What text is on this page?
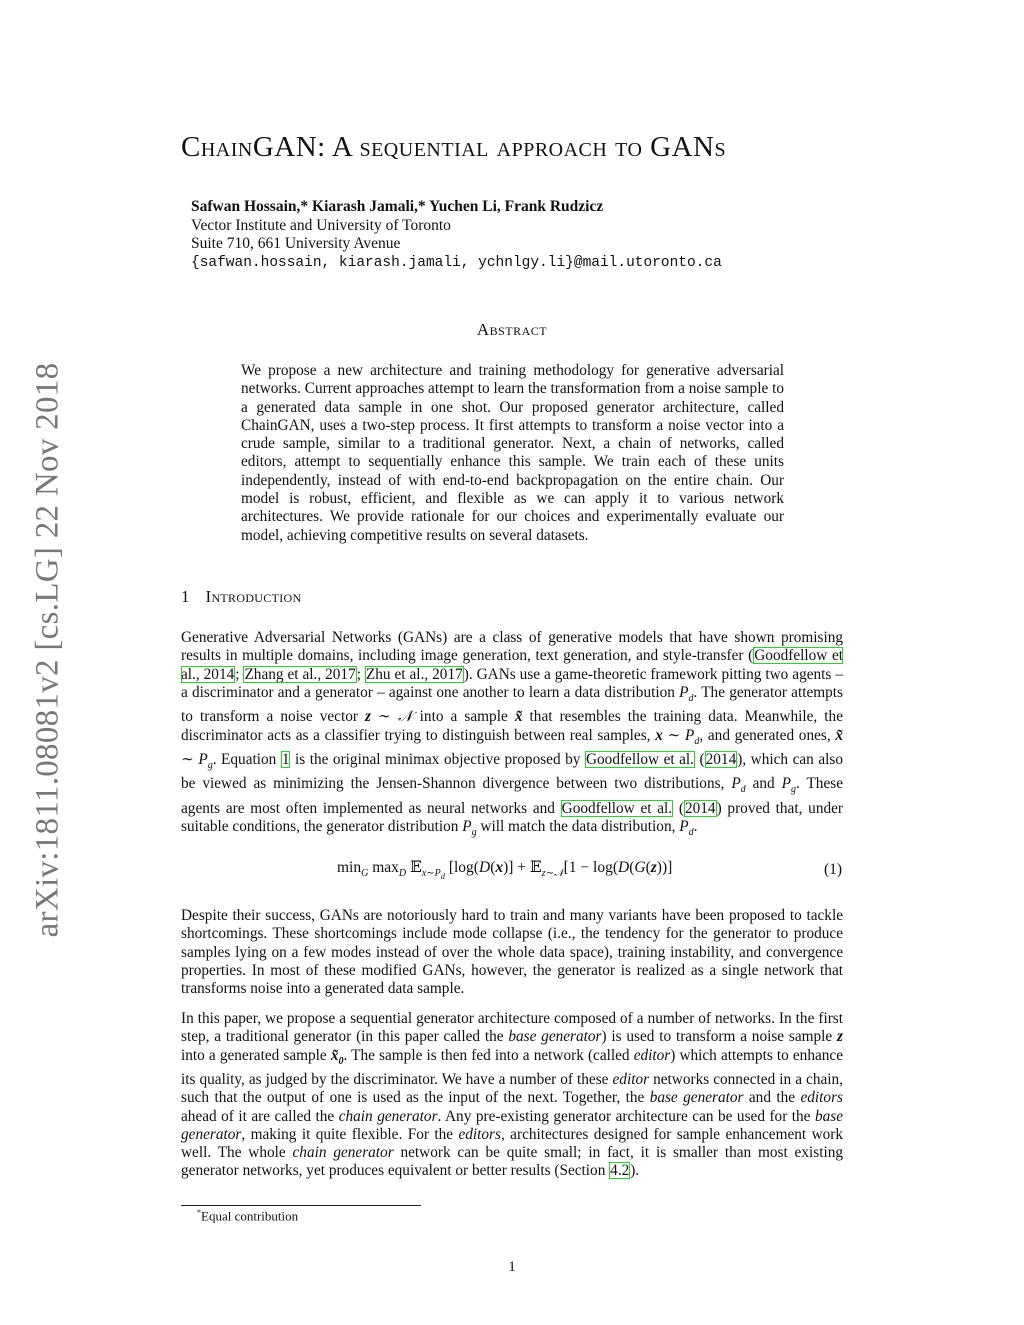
arXiv:1811.08081v2 [cs.LG] 22 Nov 2018
ChainGAN: A sequential approach to GANs
Safwan Hossain,* Kiarash Jamali,* Yuchen Li, Frank Rudzicz
Vector Institute and University of Toronto
Suite 710, 661 University Avenue
{safwan.hossain, kiarash.jamali, ychnlgy.li}@mail.utoronto.ca
Abstract
We propose a new architecture and training methodology for generative adversarial networks. Current approaches attempt to learn the transformation from a noise sample to a generated data sample in one shot. Our proposed generator architecture, called ChainGAN, uses a two-step process. It first attempts to transform a noise vector into a crude sample, similar to a traditional generator. Next, a chain of networks, called editors, attempt to sequentially enhance this sample. We train each of these units independently, instead of with end-to-end backpropagation on the entire chain. Our model is robust, efficient, and flexible as we can apply it to various network architectures. We provide rationale for our choices and experimentally evaluate our model, achieving competitive results on several datasets.
1 Introduction
Generative Adversarial Networks (GANs) are a class of generative models that have shown promising results in multiple domains, including image generation, text generation, and style-transfer (Goodfellow et al., 2014; Zhang et al., 2017; Zhu et al., 2017). GANs use a game-theoretic framework pitting two agents – a discriminator and a generator – against one another to learn a data distribution $P_d$. The generator attempts to transform a noise vector z ∼ 𝒩 into a sample x̃ that resembles the training data. Meanwhile, the discriminator acts as a classifier trying to distinguish between real samples, x ∼ $P_d$, and generated ones, x̃ ∼ $P_g$. Equation 1 is the original minimax objective proposed by Goodfellow et al. (2014), which can also be viewed as minimizing the Jensen-Shannon divergence between two distributions, $P_d$ and $P_g$. These agents are most often implemented as neural networks and Goodfellow et al. (2014) proved that, under suitable conditions, the generator distribution $P_g$ will match the data distribution, $P_d$.
$\min_G \max_D$ 𝔼$_{x\sim P_d}$ [log(D(x)] + 𝔼$_{z\sim 𝒩}$[1 − log(D(G(z))]	(1)
Despite their success, GANs are notoriously hard to train and many variants have been proposed to tackle shortcomings. These shortcomings include mode collapse (i.e., the tendency for the generator to produce samples lying on a few modes instead of over the whole data space), training instability, and convergence properties. In most of these modified GANs, however, the generator is realized as a single network that transforms noise into a generated data sample.
In this paper, we propose a sequential generator architecture composed of a number of networks. In the first step, a traditional generator (in this paper called the base generator) is used to transform a noise sample z into a generated sample $x̃_0$. The sample is then fed into a network (called editor) which attempts to enhance its quality, as judged by the discriminator. We have a number of these editor networks connected in a chain, such that the output of one is used as the input of the next. Together, the base generator and the editors ahead of it are called the chain generator. Any pre-existing generator architecture can be used for the base generator, making it quite flexible. For the editors, architectures designed for sample enhancement work well. The whole chain generator network can be quite small; in fact, it is smaller than most existing generator networks, yet produces equivalent or better results (Section 4.2).
*Equal contribution
1
